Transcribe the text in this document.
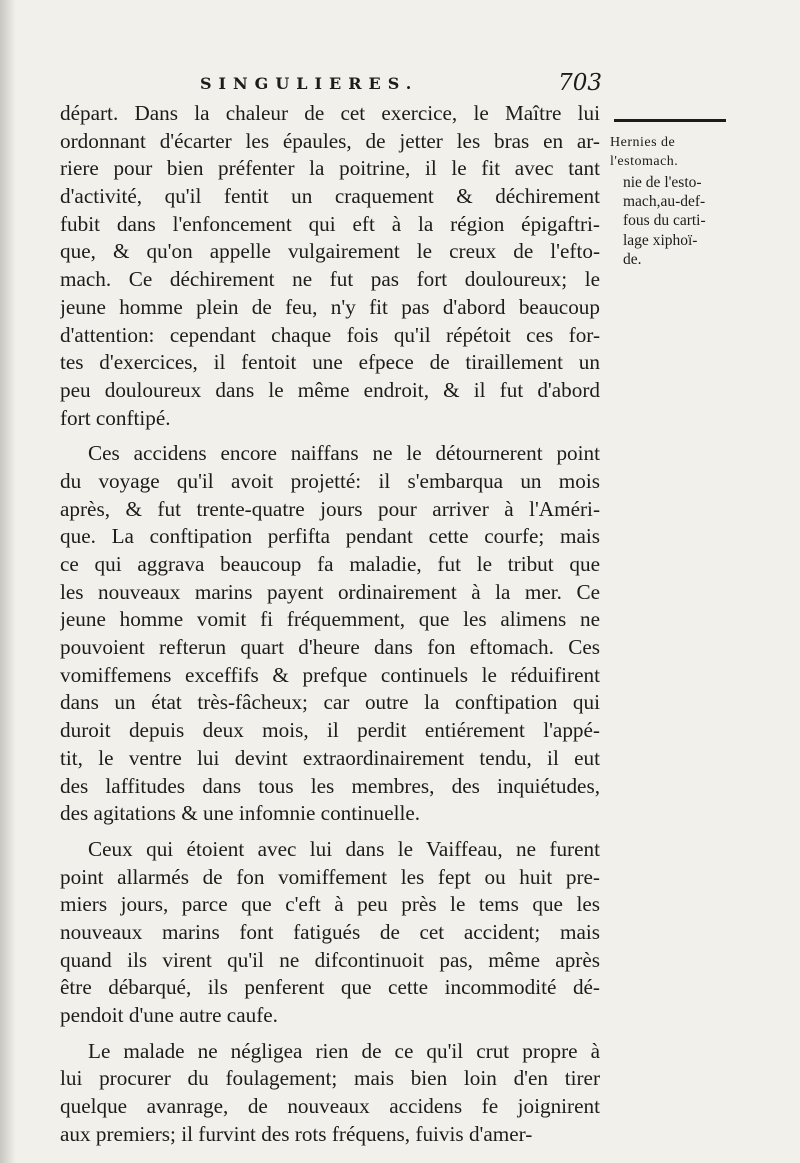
SINGULIERES.	703
Hernies de
l'estomach.
nie de l'esto-
mach,au-def-
fous du carti-
lage xiphoï-
de.
départ. Dans la chaleur de cet exercice, le Maître lui
ordonnant d'écarter les épaules, de jetter les bras en ar-
riere pour bien préfenter la poitrine, il le fit avec tant
d'activité, qu'il fentit un craquement & déchirement
fubit dans l'enfoncement qui eft à la région épigaftri-
que, & qu'on appelle vulgairement le creux de l'efto-
mach. Ce déchirement ne fut pas fort douloureux; le
jeune homme plein de feu, n'y fit pas d'abord beaucoup
d'attention: cependant chaque fois qu'il répétoit ces for-
tes d'exercices, il fentoit une efpece de tiraillement un
peu douloureux dans le même endroit, & il fut d'abord
fort conftipé.
Ces accidens encore naiffans ne le détournerent point
du voyage qu'il avoit projetté: il s'embarqua un mois
après, & fut trente-quatre jours pour arriver à l'Améri-
que. La conftipation perfifta pendant cette courfe; mais
ce qui aggrava beaucoup fa maladie, fut le tribut que
les nouveaux marins payent ordinairement à la mer. Ce
jeune homme vomit fi fréquemment, que les alimens ne
pouvoient refterun quart d'heure dans fon eftomach. Ces
vomiffemens exceffifs & prefque continuels le réduifirent
dans un état très-fâcheux; car outre la conftipation qui
duroit depuis deux mois, il perdit entiérement l'appé-
tit, le ventre lui devint extraordinairement tendu, il eut
des laffitudes dans tous les membres, des inquiétudes,
des agitations & une infomnie continuelle.
Ceux qui étoient avec lui dans le Vaiffeau, ne furent
point allarmés de fon vomiffement les fept ou huit pre-
miers jours, parce que c'eft à peu près le tems que les
nouveaux marins font fatigués de cet accident; mais
quand ils virent qu'il ne difcontinuoit pas, même après
être débarqué, ils penferent que cette incommodité dé-
pendoit d'une autre caufe.
Le malade ne négligea rien de ce qu'il crut propre à
lui procurer du foulagement; mais bien loin d'en tirer
quelque avanrage, de nouveaux accidens fe joignirent
aux premiers; il furvint des rots fréquens, fuivis d'amer-
